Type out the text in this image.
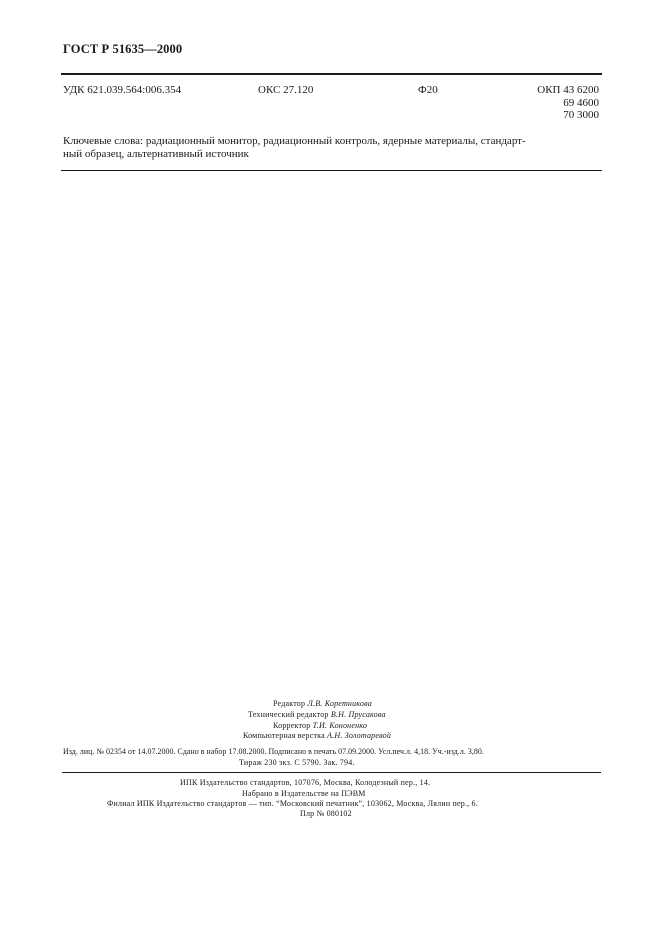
ГОСТ Р 51635—2000
УДК 621.039.564:006.354	ОКС 27.120	Ф20	ОКП 43 6200
69 4600
70 3000
Ключевые слова: радиационный монитор, радиационный контроль, ядерные материалы, стандарт-
ный образец, альтернативный источник
Редактор Л.В. Коретникова
Технический редактор В.Н. Прусакова
Корректор Т.И. Кононенко
Компьютерная верстка А.Н. Золотаревой
Изд. лиц. № 02354 от 14.07.2000. Сдано в набор 17.08.2000. Подписано в печать 07.09.2000. Усл.печ.л. 4,18. Уч.-изд.л. 3,80.
Тираж 230 экз. С 5790. Зак. 794.
ИПК Издательство стандартов, 107076, Москва, Колодезный пер., 14.
Набрано в Издательстве на ПЭВМ
Филиал ИПК Издательство стандартов — тип. “Московский печатник”, 103062, Москва, Лялин пер., 6.
Плр № 080102
